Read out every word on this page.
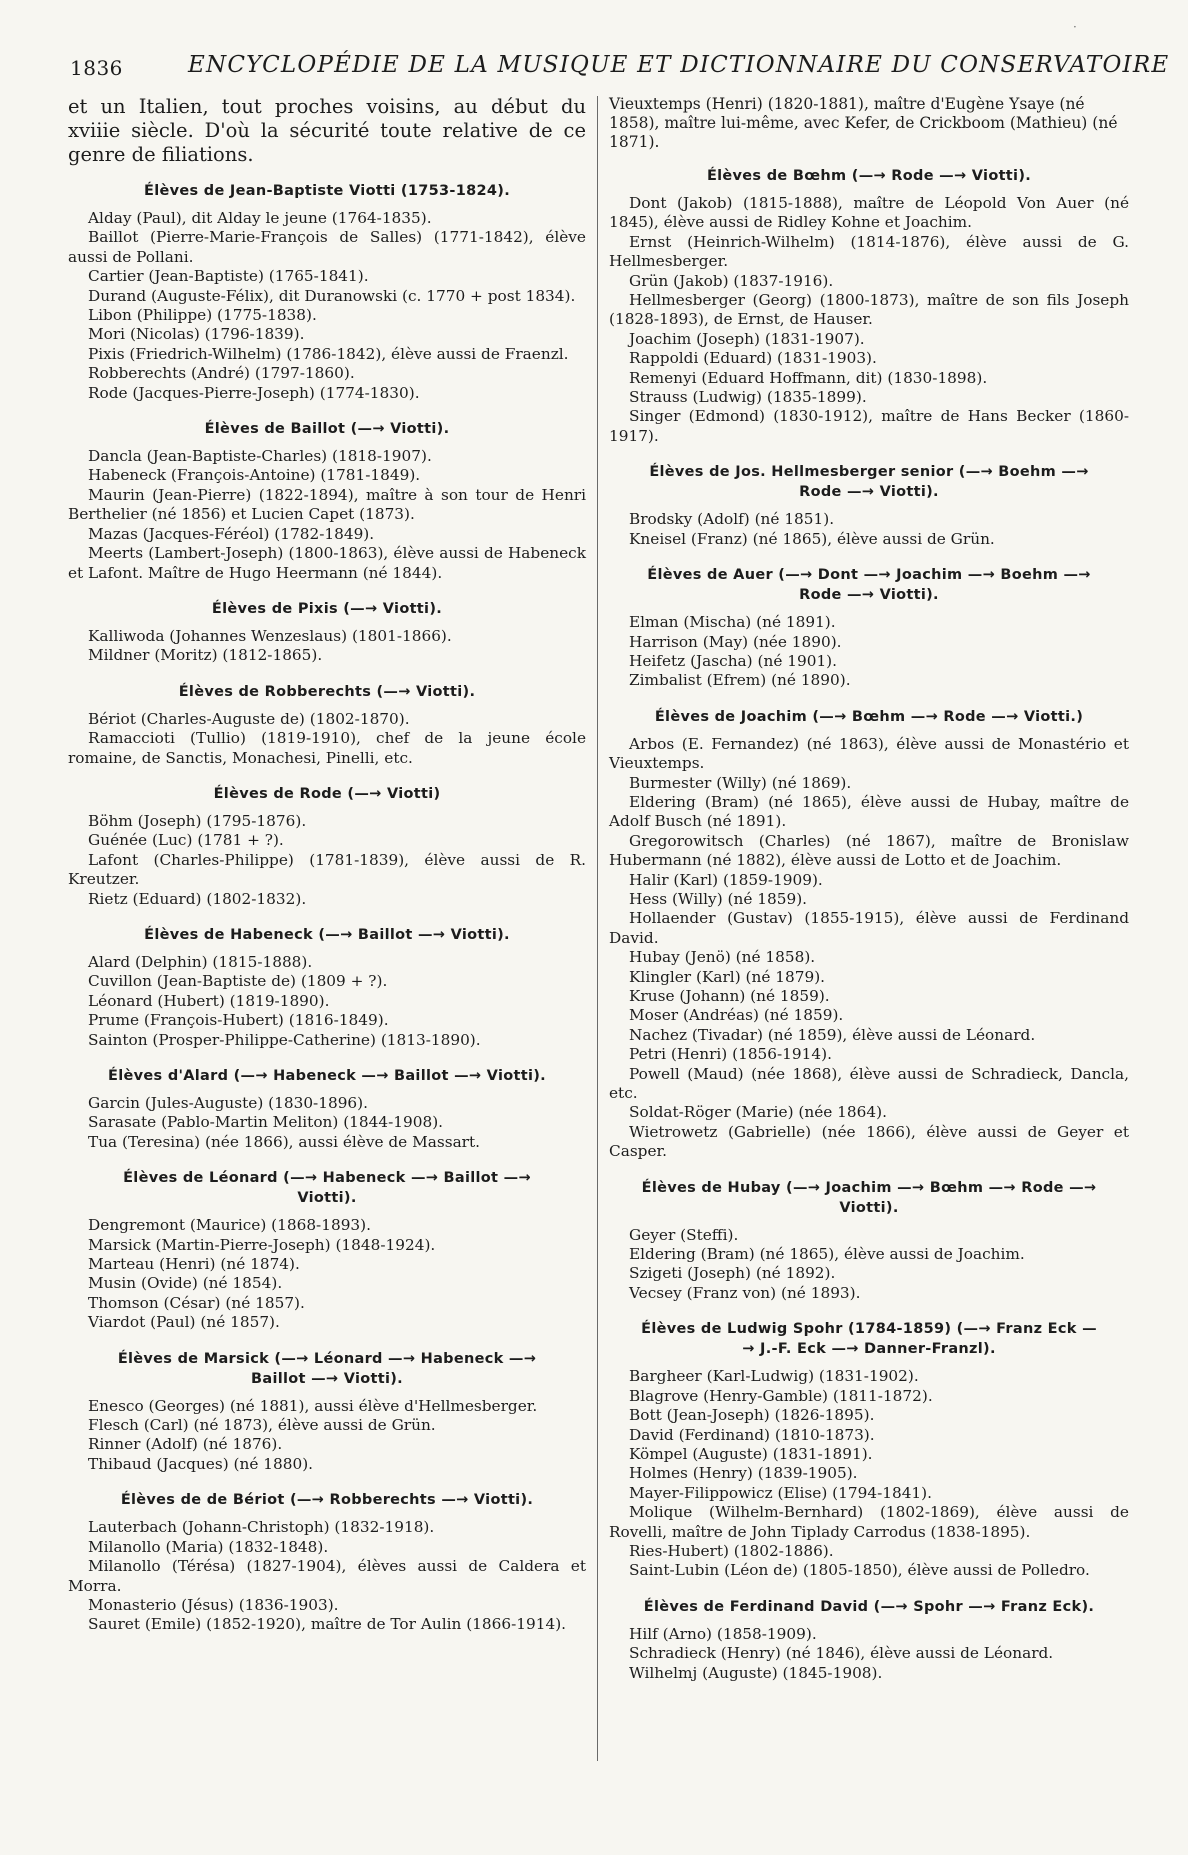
·
1836	ENCYCLOPÉDIE DE LA MUSIQUE ET DICTIONNAIRE DU CONSERVATOIRE

et un Italien, tout proches voisins, au début du xviiie siècle. D'où la sécurité toute relative de ce genre de filiations.

Élèves de Jean-Baptiste Viotti (1753-1824).

Alday (Paul), dit Alday le jeune (1764-1835).

Baillot (Pierre-Marie-François de Salles) (1771-1842), élève aussi de Pollani.

Cartier (Jean-Baptiste) (1765-1841).

Durand (Auguste-Félix), dit Duranowski (c. 1770 + post 1834).

Libon (Philippe) (1775-1838).

Mori (Nicolas) (1796-1839).

Pixis (Friedrich-Wilhelm) (1786-1842), élève aussi de Fraenzl.

Robberechts (André) (1797-1860).

Rode (Jacques-Pierre-Joseph) (1774-1830).

Élèves de Baillot (—→ Viotti).

Dancla (Jean-Baptiste-Charles) (1818-1907).

Habeneck (François-Antoine) (1781-1849).

Maurin (Jean-Pierre) (1822-1894), maître à son tour de Henri Berthelier (né 1856) et Lucien Capet (1873).

Mazas (Jacques-Féréol) (1782-1849).

Meerts (Lambert-Joseph) (1800-1863), élève aussi de Habeneck et Lafont. Maître de Hugo Heermann (né 1844).

Élèves de Pixis (—→ Viotti).

Kalliwoda (Johannes Wenzeslaus) (1801-1866).

Mildner (Moritz) (1812-1865).

Élèves de Robberechts (—→ Viotti).

Bériot (Charles-Auguste de) (1802-1870).

Ramaccioti (Tullio) (1819-1910), chef de la jeune école romaine, de Sanctis, Monachesi, Pinelli, etc.

Élèves de Rode (—→ Viotti)

Böhm (Joseph) (1795-1876).

Guénée (Luc) (1781 + ?).

Lafont (Charles-Philippe) (1781-1839), élève aussi de R. Kreutzer.

Rietz (Eduard) (1802-1832).

Élèves de Habeneck (—→ Baillot —→ Viotti).

Alard (Delphin) (1815-1888).

Cuvillon (Jean-Baptiste de) (1809 + ?).

Léonard (Hubert) (1819-1890).

Prume (François-Hubert) (1816-1849).

Sainton (Prosper-Philippe-Catherine) (1813-1890).

Élèves d'Alard (—→ Habeneck —→ Baillot —→ Viotti).

Garcin (Jules-Auguste) (1830-1896).

Sarasate (Pablo-Martin Meliton) (1844-1908).

Tua (Teresina) (née 1866), aussi élève de Massart.

Élèves de Léonard (—→ Habeneck —→ Baillot —→ Viotti).

Dengremont (Maurice) (1868-1893).

Marsick (Martin-Pierre-Joseph) (1848-1924).

Marteau (Henri) (né 1874).

Musin (Ovide) (né 1854).

Thomson (César) (né 1857).

Viardot (Paul) (né 1857).

Élèves de Marsick (—→ Léonard —→ Habeneck —→ Baillot —→ Viotti).

Enesco (Georges) (né 1881), aussi élève d'Hellmesberger.

Flesch (Carl) (né 1873), élève aussi de Grün.

Rinner (Adolf) (né 1876).

Thibaud (Jacques) (né 1880).

Élèves de de Bériot (—→ Robberechts —→ Viotti).

Lauterbach (Johann-Christoph) (1832-1918).

Milanollo (Maria) (1832-1848).

Milanollo (Térésa) (1827-1904), élèves aussi de Caldera et Morra.

Monasterio (Jésus) (1836-1903).

Sauret (Emile) (1852-1920), maître de Tor Aulin (1866-1914).

Vieuxtemps (Henri) (1820-1881), maître d'Eugène Ysaye (né 1858), maître lui-même, avec Kefer, de Crickboom (Mathieu) (né 1871).

Élèves de Bœhm (—→ Rode —→ Viotti).

Dont (Jakob) (1815-1888), maître de Léopold Von Auer (né 1845), élève aussi de Ridley Kohne et Joachim.

Ernst (Heinrich-Wilhelm) (1814-1876), élève aussi de G. Hellmesberger.

Grün (Jakob) (1837-1916).

Hellmesberger (Georg) (1800-1873), maître de son fils Joseph (1828-1893), de Ernst, de Hauser.

Joachim (Joseph) (1831-1907).

Rappoldi (Eduard) (1831-1903).

Remenyi (Eduard Hoffmann, dit) (1830-1898).

Strauss (Ludwig) (1835-1899).

Singer (Edmond) (1830-1912), maître de Hans Becker (1860-1917).

Élèves de Jos. Hellmesberger senior (—→ Boehm —→ Rode —→ Viotti).

Brodsky (Adolf) (né 1851).

Kneisel (Franz) (né 1865), élève aussi de Grün.

Élèves de Auer (—→ Dont —→ Joachim —→ Boehm —→ Rode —→ Viotti).

Elman (Mischa) (né 1891).

Harrison (May) (née 1890).

Heifetz (Jascha) (né 1901).

Zimbalist (Efrem) (né 1890).

Élèves de Joachim (—→ Bœhm —→ Rode —→ Viotti.)

Arbos (E. Fernandez) (né 1863), élève aussi de Monastério et Vieuxtemps.

Burmester (Willy) (né 1869).

Eldering (Bram) (né 1865), élève aussi de Hubay, maître de Adolf Busch (né 1891).

Gregorowitsch (Charles) (né 1867), maître de Bronislaw Hubermann (né 1882), élève aussi de Lotto et de Joachim.

Halir (Karl) (1859-1909).

Hess (Willy) (né 1859).

Hollaender (Gustav) (1855-1915), élève aussi de Ferdinand David.

Hubay (Jenö) (né 1858).

Klingler (Karl) (né 1879).

Kruse (Johann) (né 1859).

Moser (Andréas) (né 1859).

Nachez (Tivadar) (né 1859), élève aussi de Léonard.

Petri (Henri) (1856-1914).

Powell (Maud) (née 1868), élève aussi de Schradieck, Dancla, etc.

Soldat-Röger (Marie) (née 1864).

Wietrowetz (Gabrielle) (née 1866), élève aussi de Geyer et Casper.

Élèves de Hubay (—→ Joachim —→ Bœhm —→ Rode —→ Viotti).

Geyer (Steffi).

Eldering (Bram) (né 1865), élève aussi de Joachim.

Szigeti (Joseph) (né 1892).

Vecsey (Franz von) (né 1893).

Élèves de Ludwig Spohr (1784-1859) (—→ Franz Eck —→ J.-F. Eck —→ Danner-Franzl).

Bargheer (Karl-Ludwig) (1831-1902).

Blagrove (Henry-Gamble) (1811-1872).

Bott (Jean-Joseph) (1826-1895).

David (Ferdinand) (1810-1873).

Kömpel (Auguste) (1831-1891).

Holmes (Henry) (1839-1905).

Mayer-Filippowicz (Elise) (1794-1841).

Molique (Wilhelm-Bernhard) (1802-1869), élève aussi de Rovelli, maître de John Tiplady Carrodus (1838-1895).

Ries-Hubert) (1802-1886).

Saint-Lubin (Léon de) (1805-1850), élève aussi de Polledro.

Élèves de Ferdinand David (—→ Spohr —→ Franz Eck).

Hilf (Arno) (1858-1909).

Schradieck (Henry) (né 1846), élève aussi de Léonard.

Wilhelmj (Auguste) (1845-1908).
